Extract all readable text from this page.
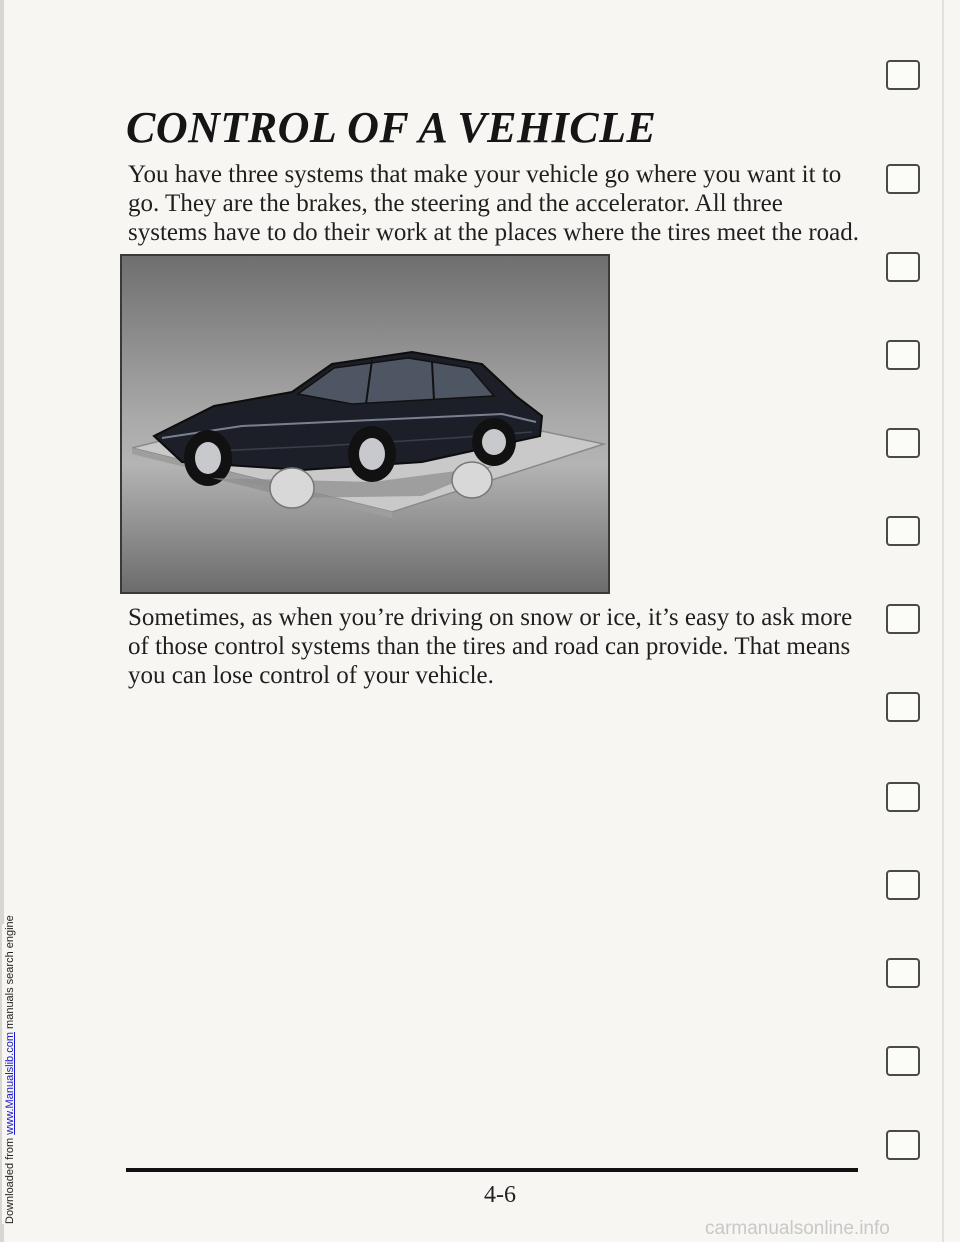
Downloaded from www.Manualslib.com manuals search engine
CONTROL OF A VEHICLE

You have three systems that make your vehicle go where you want it to go. They are the brakes, the steering and the accelerator. All three systems have to do their work at the places where the tires meet the road.

Sometimes, as when you’re driving on snow or ice, it’s easy to ask more of those control systems than the tires and road can provide. That means you can lose control of your vehicle.

4-6
carmanualsonline.info
